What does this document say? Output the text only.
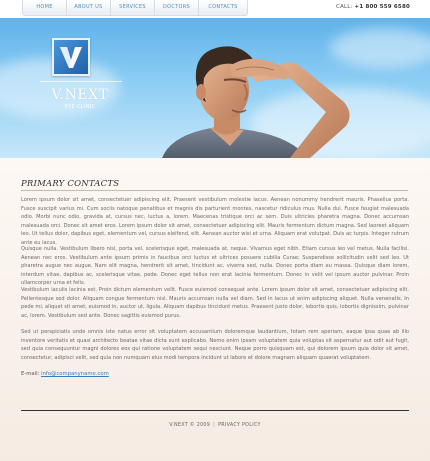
HOME	ABOUT US	SERVICES	DOCTORS	CONTACTS	CALL: +1 800 559 6580
V.NEXT
EYE CLINIC
PRIMARY CONTACTS

Lorem ipsum dolor sit amet, consectetuer adipiscing elit. Praesent vestibulum molestie lacus. Aenean nonummy hendrerit mauris. Phasellus porta. Fusce suscipit varius mi. Cum sociis natoque penatibus et magnis dis parturient montes, nascetur ridiculus mus. Nulla dui. Fusce feugiat malesuada odio. Morbi nunc odio, gravida at, cursus nec, luctus a, lorem. Maecenas tristique orci ac sem. Duis ultricies pharetra magna. Donec accumsan malesuada orci. Donec sit amet eros. Lorem ipsum dolor sit amet, consectetuer adipiscing elit. Mauris fermentum dictum magna. Sed laoreet aliquam leo. Ut tellus dolor, dapibus eget, elementum vel, cursus eleifend, elit. Aenean auctor wisi et urna. Aliquam erat volutpat. Duis ac turpis. Integer rutrum ante eu lacus.

Quisque nulla. Vestibulum libero nisl, porta vel, scelerisque eget, malesuada at, neque. Vivamus eget nibh. Etiam cursus leo vel metus. Nulla facilisi. Aenean nec eros. Vestibulum ante ipsum primis in faucibus orci luctus et ultrices posuere cubilia Curae; Suspendisse sollicitudin velit sed leo. Ut pharetra augue nec augue. Nam elit magna, hendrerit sit amet, tincidunt ac, viverra sed, nulla. Donec porta diam eu massa. Quisque diam lorem, interdum vitae, dapibus ac, scelerisque vitae, pede. Donec eget tellus non erat lacinia fermentum. Donec in velit vel ipsum auctor pulvinar. Proin ullamcorper urna et felis.

Vestibulum iaculis lacinia est. Proin dictum elementum velit. Fusce euismod consequat ante. Lorem ipsum dolor sit amet, consectetuer adipiscing elit. Pellentesque sed dolor. Aliquam congue fermentum nisl. Mauris accumsan nulla vel diam. Sed in lacus ut enim adipiscing aliquet. Nulla venenatis. In pede mi, aliquet sit amet, euismod in, auctor ut, ligula. Aliquam dapibus tincidunt metus. Praesent justo dolor, lobortis quis, lobortis dignissim, pulvinar ac, lorem. Vestibulum sed ante. Donec sagittis euismod purus.

Sed ut perspiciatis unde omnis iste natus error sit voluptatem accusantium doloremque laudantium, totam rem aperiam, eaque ipsa quae ab illo inventore veritatis et quasi architecto beatae vitae dicta sunt explicabo. Nemo enim ipsam voluptatem quia voluptas sit aspernatur aut odit aut fugit, sed quia consequuntur magni dolores eos qui ratione voluptatem sequi nesciunt. Neque porro quisquam est, qui dolorem ipsum quia dolor sit amet, consectetur, adipisci velit, sed quia non numquam eius modi tempora incidunt ut labore et dolore magnam aliquam quaerat voluptatem.

E-mail: info@companyname.com
V.NEXT © 2009 | PRIVACY POLICY
